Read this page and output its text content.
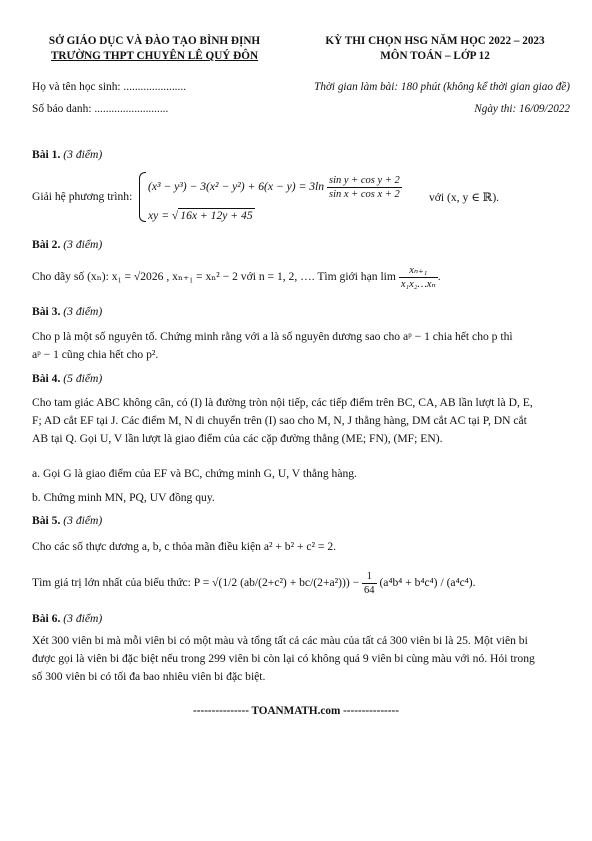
SỞ GIÁO DỤC VÀ ĐÀO TẠO BÌNH ĐỊNH
TRƯỜNG THPT CHUYÊN LÊ QUÝ ĐÔN
KỲ THI CHỌN HSG NĂM HỌC 2022 – 2023
MÔN TOÁN – LỚP 12
Họ và tên học sinh: ......................	Thời gian làm bài: 180 phút (không kể thời gian giao đề)
Số báo danh: ..........................	Ngày thi: 16/09/2022
Bài 1. (3 điểm)
Giải hệ phương trình:
$(x^3 - y^3) - 3(x^2 - y^2) + 6(x - y) = 3\ln \frac{\text{sin y + cos y + 2}}{\text{sin x + cos x + 2}}$
xy = √ 16x + 12y + 45
với (x, y ∈ ℝ).
Bài 2. (3 điểm)
Cho dãy số (xₙ): x₁ = √2026 , xₙ₊₁ = xₙ² − 2 với n = 1, 2, …. Tìm giới hạn $\lim \frac{\text{xₙ₊₁}}{\text{x₁x₂…xₙ}}$ .
Bài 3. (3 điểm)
Cho p là một số nguyên tố. Chứng minh rằng với a là số nguyên dương sao cho aᵖ − 1 chia hết cho p thì
aᵖ − 1 cũng chia hết cho p².
Bài 4. (5 điểm)
Cho tam giác ABC không cân, có (I) là đường tròn nội tiếp, các tiếp điểm trên BC, CA, AB lần lượt là D, E,
F; AD cắt EF tại J. Các điểm M, N di chuyển trên (I) sao cho M, N, J thẳng hàng, DM cắt AC tại P, DN cắt
AB tại Q. Gọi U, V lần lượt là giao điểm của các cặp đường thẳng (ME; FN), (MF; EN).
a. Gọi G là giao điểm của EF và BC, chứng minh G, U, V thẳng hàng.
b. Chứng minh MN, PQ, UV đồng quy.
Bài 5. (3 điểm)
Cho các số thực dương a, b, c thỏa mãn điều kiện a² + b² + c² = 2.
Tìm giá trị lớn nhất của biểu thức: P = √(1/2 $(ab/(2+c^2) + bc/(2+a^2))) - \frac{1}{64} (a^4b^4 + b^4c^4) / (a^4c^4)$.
Bài 6. (3 điểm)
Xét 300 viên bi mà mỗi viên bi có một màu và tổng tất cả các màu của tất cả 300 viên bi là 25. Một viên bi
được gọi là viên bi đặc biệt nếu trong 299 viên bi còn lại có không quá 9 viên bi cùng màu với nó. Hỏi trong
số 300 viên bi có tối đa bao nhiêu viên bi đặc biệt.
--------------- TOANMATH.com ---------------
